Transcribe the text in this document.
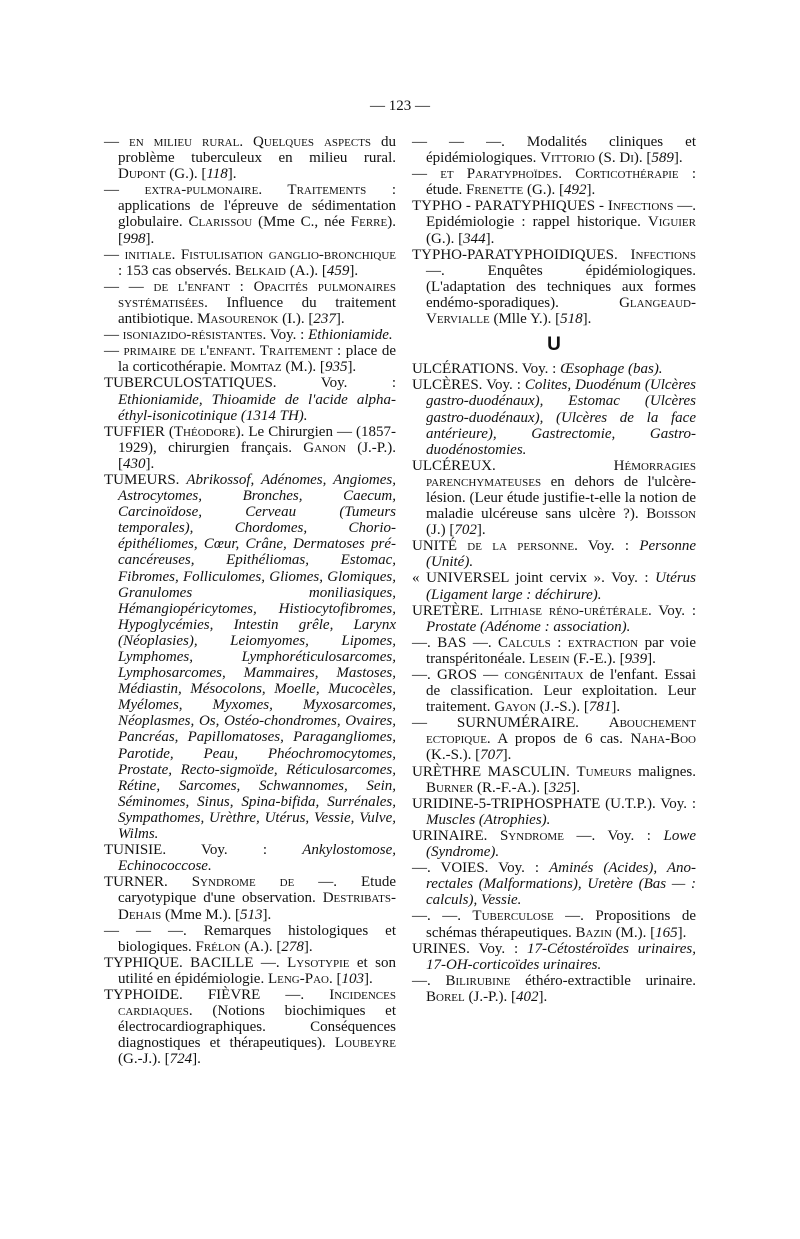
— 123 —

— en milieu rural. Quelques aspects du problème tuberculeux en milieu rural. Dupont (G.). [118].

— extra-pulmonaire. Traitements : applications de l'épreuve de sédimentation globulaire. Clarissou (Mme C., née Ferre). [998].

— initiale. Fistulisation ganglio-bronchique : 153 cas observés. Belkaid (A.). [459].

— — de l'enfant : Opacités pulmonaires systématisées. Influence du traitement antibiotique. Masourenok (I.). [237].

— isoniazido-résistantes. Voy. : Ethioniamide.

— primaire de l'enfant. Traitement : place de la corticothérapie. Momtaz (M.). [935].

TUBERCULOSTATIQUES. Voy. : Ethioniamide, Thioamide de l'acide alpha-éthyl-isonicotinique (1314 TH).

TUFFIER (Théodore). Le Chirurgien — (1857-1929), chirurgien français. Ganon (J.-P.). [430].

TUMEURS. Abrikossof, Adénomes, Angiomes, Astrocytomes, Bronches, Caecum, Carcinoïdose, Cerveau (Tumeurs temporales), Chordomes, Chorio-épithéliomes, Cœur, Crâne, Dermatoses pré-cancéreuses, Epithéliomas, Estomac, Fibromes, Folliculomes, Gliomes, Glomiques, Granulomes moniliasiques, Hémangiopéricytomes, Histiocytofibromes, Hypoglycémies, Intestin grêle, Larynx (Néoplasies), Leiomyomes, Lipomes, Lymphomes, Lymphoréticulosarcomes, Lymphosarcomes, Mammaires, Mastoses, Médiastin, Mésocolons, Moelle, Mucocèles, Myélomes, Myxomes, Myxosarcomes, Néoplasmes, Os, Ostéo-chondromes, Ovaires, Pancréas, Papillomatoses, Paragangliomes, Parotide, Peau, Phéochromocytomes, Prostate, Recto-sigmoïde, Réticulosarcomes, Rétine, Sarcomes, Schwannomes, Sein, Séminomes, Sinus, Spina-bifida, Surrénales, Sympathomes, Urèthre, Utérus, Vessie, Vulve, Wilms.

TUNISIE. Voy. : Ankylostomose, Echinococcose.

TURNER. Syndrome de —. Etude caryotypique d'une observation. Destribats-Dehais (Mme M.). [513].

— — —. Remarques histologiques et biologiques. Frélon (A.). [278].

TYPHIQUE. BACILLE —. Lysotypie et son utilité en épidémiologie. Leng-Pao. [103].

TYPHOIDE. FIÈVRE —. Incidences cardiaques. (Notions biochimiques et électrocardiographiques. Conséquences diagnostiques et thérapeutiques). Loubeyre (G.-J.). [724].

— — —. Modalités cliniques et épidémiologiques. Vittorio (S. Di). [589].

— et Paratyphoïdes. Corticothérapie : étude. Frenette (G.). [492].

TYPHO - PARATYPHIQUES - Infections —. Epidémiologie : rappel historique. Viguier (G.). [344].

TYPHO-PARATYPHOIDIQUES. Infections —. Enquêtes épidémiologiques. (L'adaptation des techniques aux formes endémo-sporadiques). Glangeaud-Vervialle (Mlle Y.). [518].

U

ULCÉRATIONS. Voy. : Œsophage (bas).

ULCÈRES. Voy. : Colites, Duodénum (Ulcères gastro-duodénaux), Estomac (Ulcères gastro-duodénaux), (Ulcères de la face antérieure), Gastrectomie, Gastro-duodénostomies.

ULCÉREUX. Hémorragies parenchymateuses en dehors de l'ulcère-lésion. (Leur étude justifie-t-elle la notion de maladie ulcéreuse sans ulcère ?). Boisson (J.) [702].

UNITÉ de la personne. Voy. : Personne (Unité).

« UNIVERSEL joint cervix ». Voy. : Utérus (Ligament large : déchirure).

URETÈRE. Lithiase réno-urétérale. Voy. : Prostate (Adénome : association).

—. BAS —. Calculs : extraction par voie transpéritonéale. Lesein (F.-E.). [939].

—. GROS — congénitaux de l'enfant. Essai de classification. Leur exploitation. Leur traitement. Gayon (J.-S.). [781].

— SURNUMÉRAIRE. Abouchement ectopique. A propos de 6 cas. Naha-Boo (K.-S.). [707].

URÈTHRE MASCULIN. Tumeurs malignes. Burner (R.-F.-A.). [325].

URIDINE-5-TRIPHOSPHATE (U.T.P.). Voy. : Muscles (Atrophies).

URINAIRE. Syndrome —. Voy. : Lowe (Syndrome).

—. VOIES. Voy. : Aminés (Acides), Ano-rectales (Malformations), Uretère (Bas — : calculs), Vessie.

—. —. Tuberculose —. Propositions de schémas thérapeutiques. Bazin (M.). [165].

URINES. Voy. : 17-Cétostéroïdes urinaires, 17-OH-corticoïdes urinaires.

—. Bilirubine éthéro-extractible urinaire. Borel (J.-P.). [402].
